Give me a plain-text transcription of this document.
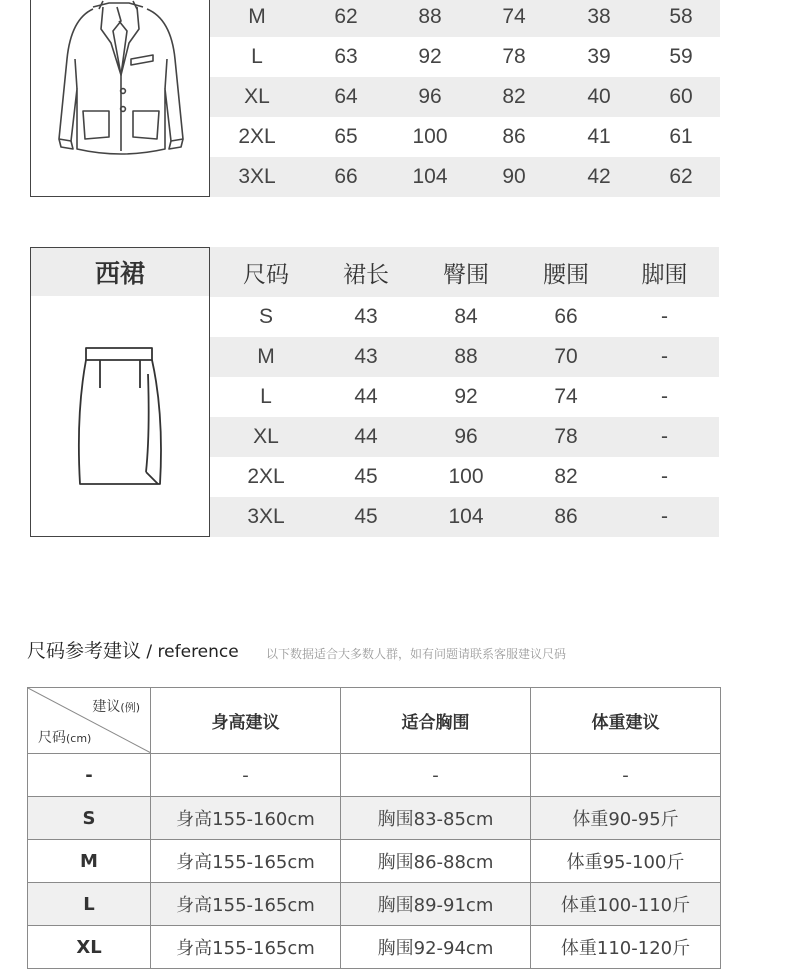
M	62	88	74	38	58
L	63	92	78	39	59
XL	64	96	82	40	60
2XL	65	100	86	41	61
3XL	66	104	90	42	62
西裙	尺码	裙长	臀围	腰围	脚围
S	43	84	66	-
M	43	88	70	-
L	44	92	74	-
XL	44	96	78	-
2XL	45	100	82	-
3XL	45	104	86	-
尺码参考建议 / reference 以下数据适合大多数人群，如有问题请联系客服建议尺码
建议(例)
尺码(cm)	身高建议	适合胸围	体重建议
-	-	-	-
S	身高155-160cm	胸围83-85cm	体重90-95斤
M	身高155-165cm	胸围86-88cm	体重95-100斤
L	身高155-165cm	胸围89-91cm	体重100-110斤
XL	身高155-165cm	胸围92-94cm	体重110-120斤
